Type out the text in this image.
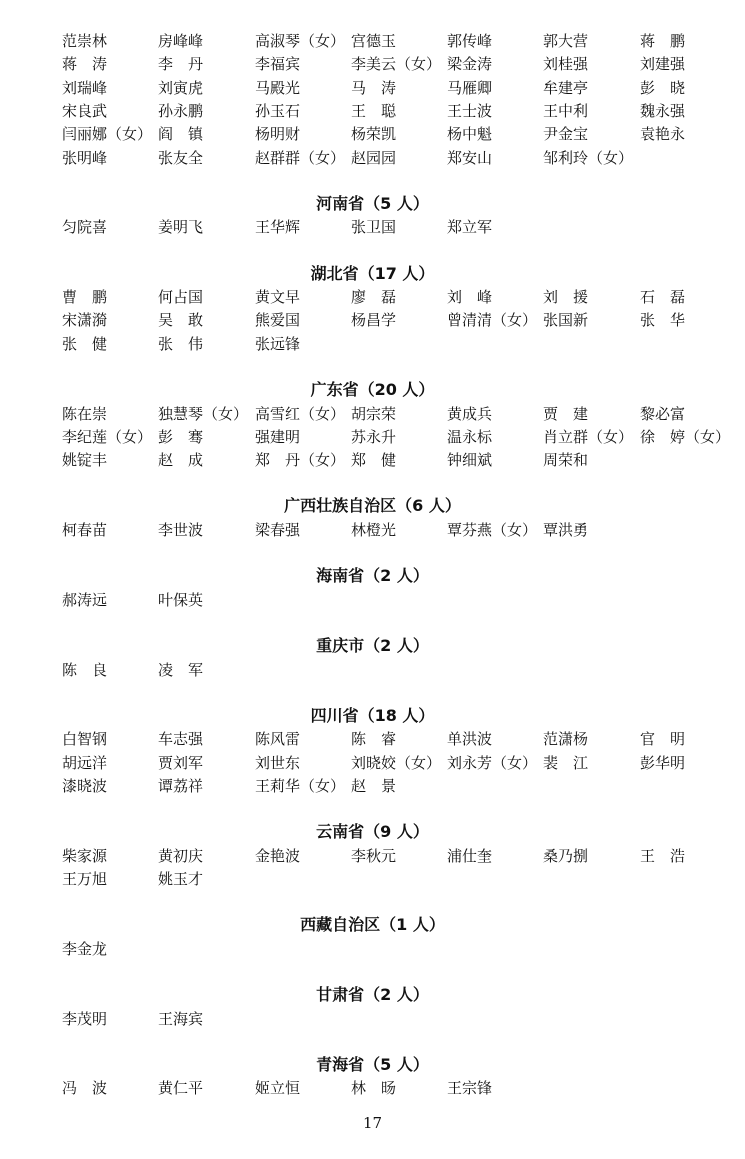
范崇林	房峰峰	高淑琴（女） 宫德玉	郭传峰	郭大营	蒋　鹏
蒋　涛	李　丹	李福宾	李美云（女） 梁金涛	刘桂强	刘建强
刘瑞峰	刘寅虎	马殿光	马　涛	马雁卿	牟建亭	彭　晓
宋良武	孙永鹏	孙玉石	王　聪	王士波	王中利	魏永强
闫丽娜（女） 阎　镇	杨明财	杨荣凯	杨中魁	尹金宝	袁艳永
张明峰	张友全	赵群群（女） 赵园园	郑安山	邹利玲（女）
河南省（5 人）
匀院喜	姜明飞	王华辉	张卫国	郑立军
湖北省（17 人）
曹　鹏	何占国	黄文早	廖　磊	刘　峰	刘　援	石　磊
宋潇漪	吴　敢	熊爱国	杨昌学	曾清清（女） 张国新	张　华
张　健	张　伟	张远锋
广东省（20 人）
陈在崇	独慧琴（女） 高雪红（女） 胡宗荣	黄成兵	贾　建	黎必富
李纪莲（女） 彭　骞	强建明	苏永升	温永标	肖立群（女） 徐　婷（女）
姚锭丰	赵　成	郑　丹（女） 郑　健	钟细斌	周荣和
广西壮族自治区（6 人）
柯春苗	李世波	梁春强	林橙光	覃芬燕（女） 覃洪勇
海南省（2 人）
郝涛远	叶保英
重庆市（2 人）
陈　良	凌　军
四川省（18 人）
白智钢	车志强	陈风雷	陈　睿	单洪波	范潇杨	官　明
胡远洋	贾刘军	刘世东	刘晓姣（女） 刘永芳（女） 裴　江	彭华明
漆晓波	谭荔祥	王莉华（女） 赵　景
云南省（9 人）
柴家源	黄初庆	金艳波	李秋元	浦仕奎	桑乃捌	王　浩
王万旭	姚玉才
西藏自治区（1 人）
李金龙
甘肃省（2 人）
李茂明	王海宾
青海省（5 人）
冯　波	黄仁平	姬立恒	林　旸	王宗锋
17
